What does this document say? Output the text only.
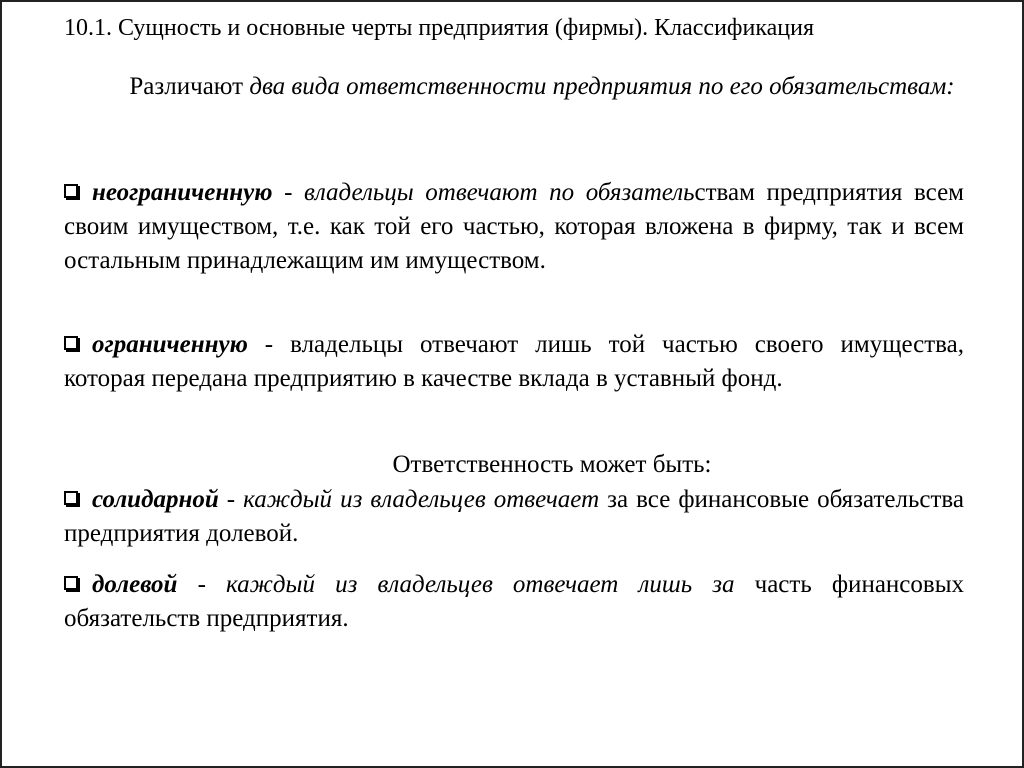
10.1. Сущность и основные черты предприятия (фирмы). Классификация
Различают два вида ответственности предприятия по его обязательствам:
неограниченную - владельцы отвечают по обязательствам предприятия всем своим имуществом, т.е. как той его частью, которая вложена в фирму, так и всем остальным принадлежащим им имуществом.
ограниченную - владельцы отвечают лишь той частью своего имущества, которая передана предприятию в качестве вклада в уставный фонд.
Ответственность может быть:
солидарной - каждый из владельцев отвечает за все финансовые обязательства предприятия долевой.
долевой - каждый из владельцев отвечает лишь за часть финансовых обязательств предприятия.
